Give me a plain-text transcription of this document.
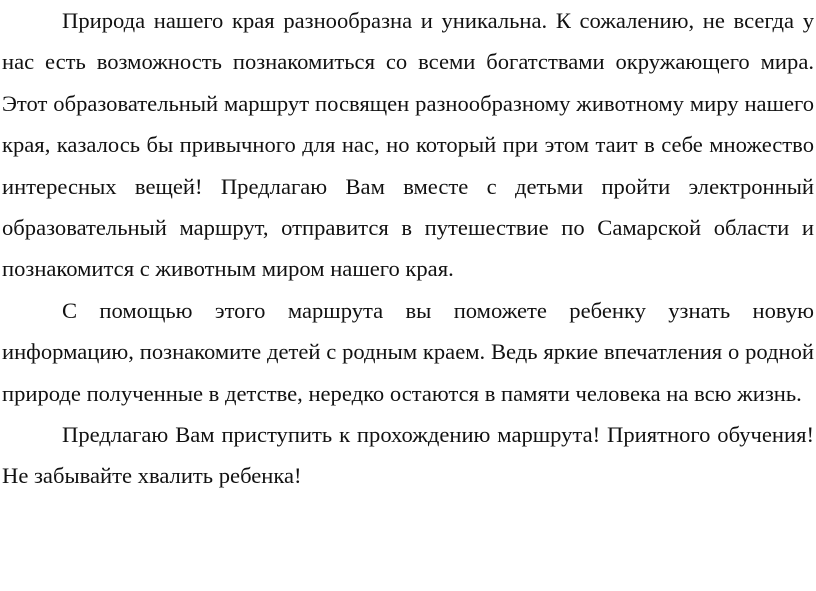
Природа нашего края разнообразна и уникальна. К сожалению, не всегда у нас есть возможность познакомиться со всеми богатствами окружающего мира. Этот образовательный маршрут посвящен разнообразному животному миру нашего края, казалось бы привычного для нас, но который при этом таит в себе множество интересных вещей! Предлагаю Вам вместе с детьми пройти электронный образовательный маршрут, отправится в путешествие по Самарской области и познакомится с животным миром нашего края.

С помощью этого маршрута вы поможете ребенку узнать новую информацию, познакомите детей с родным краем. Ведь яркие впечатления о родной природе полученные в детстве, нередко остаются в памяти человека на всю жизнь.

Предлагаю Вам приступить к прохождению маршрута! Приятного обучения! Не забывайте хвалить ребенка!
